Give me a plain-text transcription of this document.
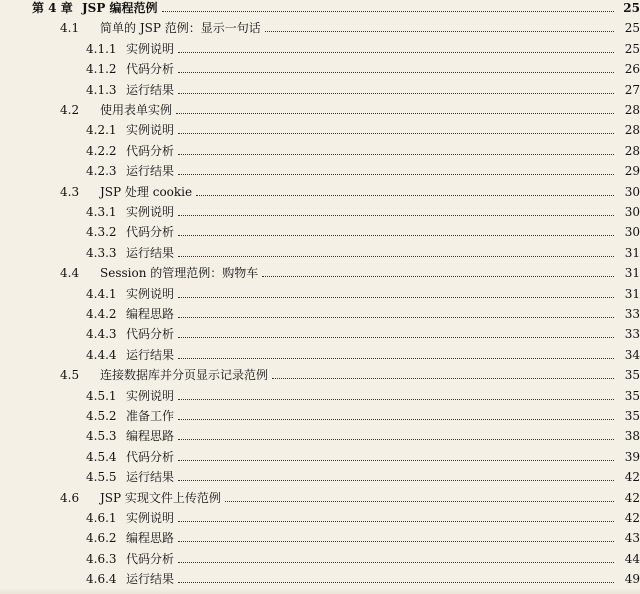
第 4 章 JSP 编程范例	25
4.1	简单的 JSP 范例：显示一句话	25
4.1.1 实例说明	25
4.1.2 代码分析	26
4.1.3 运行结果	27
4.2	使用表单实例	28
4.2.1 实例说明	28
4.2.2 代码分析	28
4.2.3 运行结果	29
4.3	JSP 处理 cookie	30
4.3.1 实例说明	30
4.3.2 代码分析	30
4.3.3 运行结果	31
4.4	Session 的管理范例：购物车	31
4.4.1 实例说明	31
4.4.2 编程思路	33
4.4.3 代码分析	33
4.4.4 运行结果	34
4.5	连接数据库并分页显示记录范例	35
4.5.1 实例说明	35
4.5.2 准备工作	35
4.5.3 编程思路	38
4.5.4 代码分析	39
4.5.5 运行结果	42
4.6	JSP 实现文件上传范例	42
4.6.1 实例说明	42
4.6.2 编程思路	43
4.6.3 代码分析	44
4.6.4 运行结果	49
